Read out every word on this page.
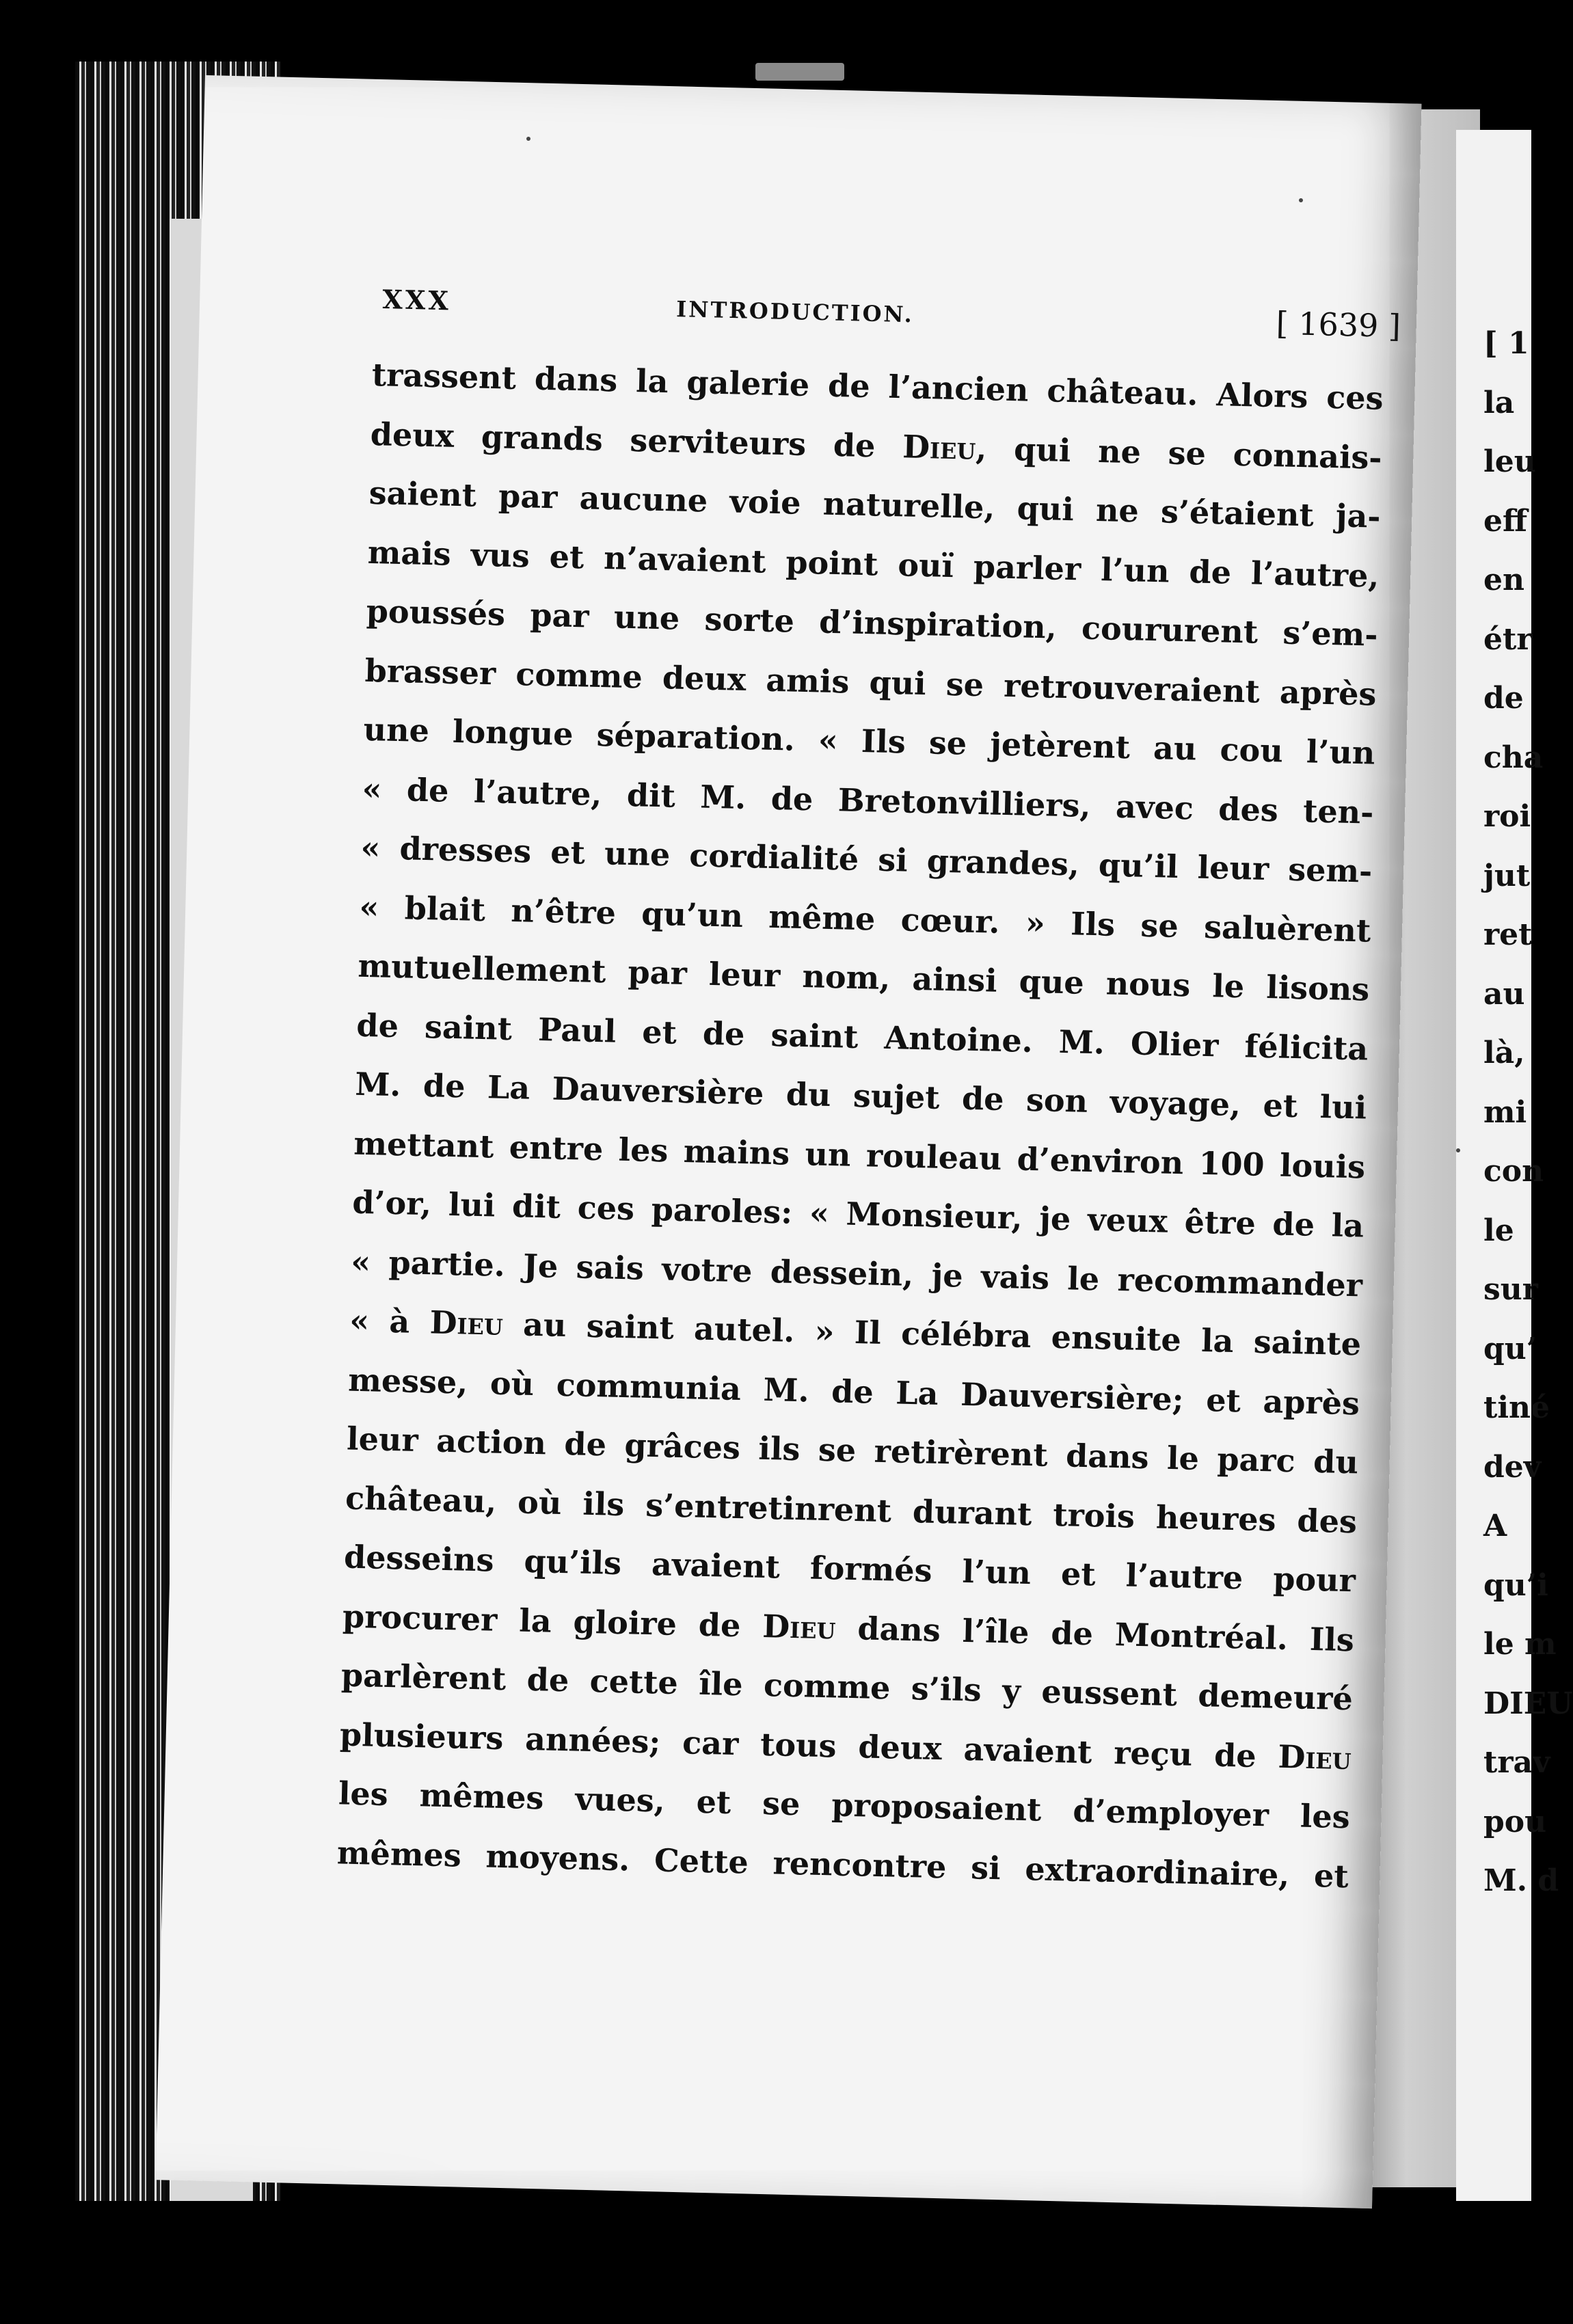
XXX	INTRODUCTION.	[ 1639 ]
trassent dans la galerie de l’ancien château. Alors ces
deux grands serviteurs de Dieu, qui ne se connais-
saient par aucune voie naturelle, qui ne s’étaient ja-
mais vus et n’avaient point ouï parler l’un de l’autre,
poussés par une sorte d’inspiration, coururent s’em-
brasser comme deux amis qui se retrouveraient après
une longue séparation. « Ils se jetèrent au cou l’un
« de l’autre, dit M. de Bretonvilliers, avec des ten-
« dresses et une cordialité si grandes, qu’il leur sem-
« blait n’être qu’un même cœur. » Ils se saluèrent
mutuellement par leur nom, ainsi que nous le lisons
de saint Paul et de saint Antoine. M. Olier félicita
M. de La Dauversière du sujet de son voyage, et lui
mettant entre les mains un rouleau d’environ 100 louis
d’or, lui dit ces paroles: « Monsieur, je veux être de la
« partie. Je sais votre dessein, je vais le recommander
« à Dieu au saint autel. » Il célébra ensuite la sainte
messe, où communia M. de La Dauversière; et après
leur action de grâces ils se retirèrent dans le parc du
château, où ils s’entretinrent durant trois heures des
desseins qu’ils avaient formés l’un et l’autre pour
procurer la gloire de Dieu dans l’île de Montréal. Ils
parlèrent de cette île comme s’ils y eussent demeuré
plusieurs années; car tous deux avaient reçu de Dieu
les mêmes vues, et se proposaient d’employer les
mêmes moyens. Cette rencontre si extraordinaire, et
[ 1
la
leu
eff
en
étr
de
cha
roi
jut
ret
au
là,
mi
con
le
sur
qu’
tiné
dev
A
qu’i
le m
DIEU
trav
pou
M. d
